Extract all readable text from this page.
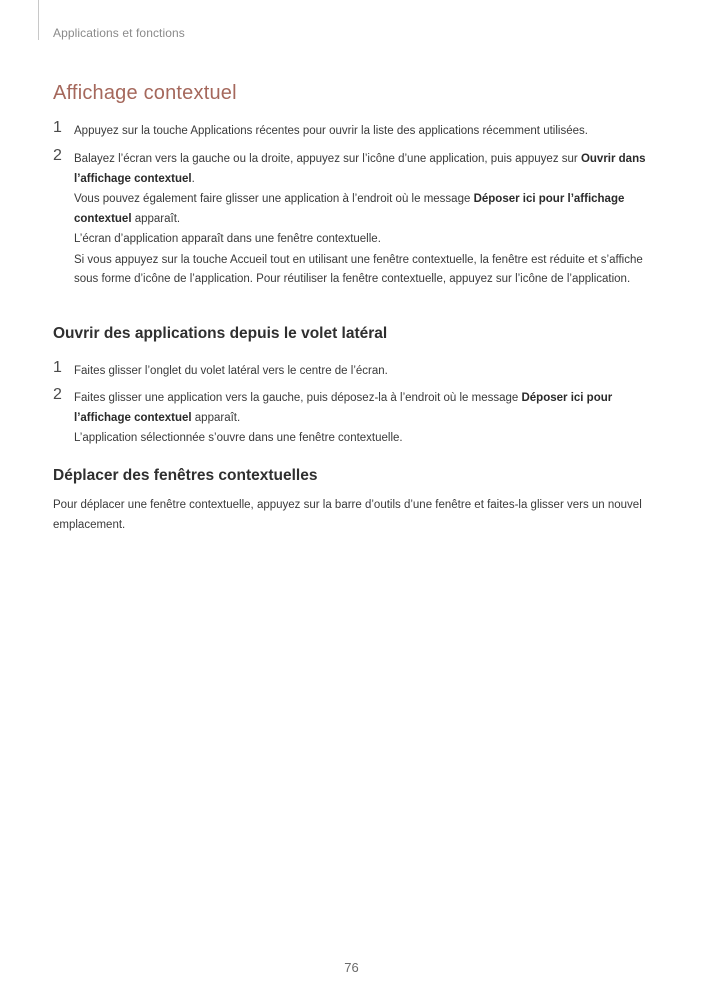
Applications et fonctions
Affichage contextuel
1 Appuyez sur la touche Applications récentes pour ouvrir la liste des applications récemment utilisées.

2 Balayez l’écran vers la gauche ou la droite, appuyez sur l’icône d’une application, puis appuyez sur Ouvrir dans l’affichage contextuel.

Vous pouvez également faire glisser une application à l’endroit où le message Déposer ici pour l’affichage contextuel apparaît.

L’écran d’application apparaît dans une fenêtre contextuelle.

Si vous appuyez sur la touche Accueil tout en utilisant une fenêtre contextuelle, la fenêtre est réduite et s’affiche sous forme d’icône de l’application. Pour réutiliser la fenêtre contextuelle, appuyez sur l’icône de l’application.

Ouvrir des applications depuis le volet latéral
1 Faites glisser l’onglet du volet latéral vers le centre de l’écran.

2 Faites glisser une application vers la gauche, puis déposez-la à l’endroit où le message Déposer ici pour l’affichage contextuel apparaît.

L’application sélectionnée s’ouvre dans une fenêtre contextuelle.

Déplacer des fenêtres contextuelles

Pour déplacer une fenêtre contextuelle, appuyez sur la barre d’outils d’une fenêtre et faites-la glisser vers un nouvel emplacement.

76
